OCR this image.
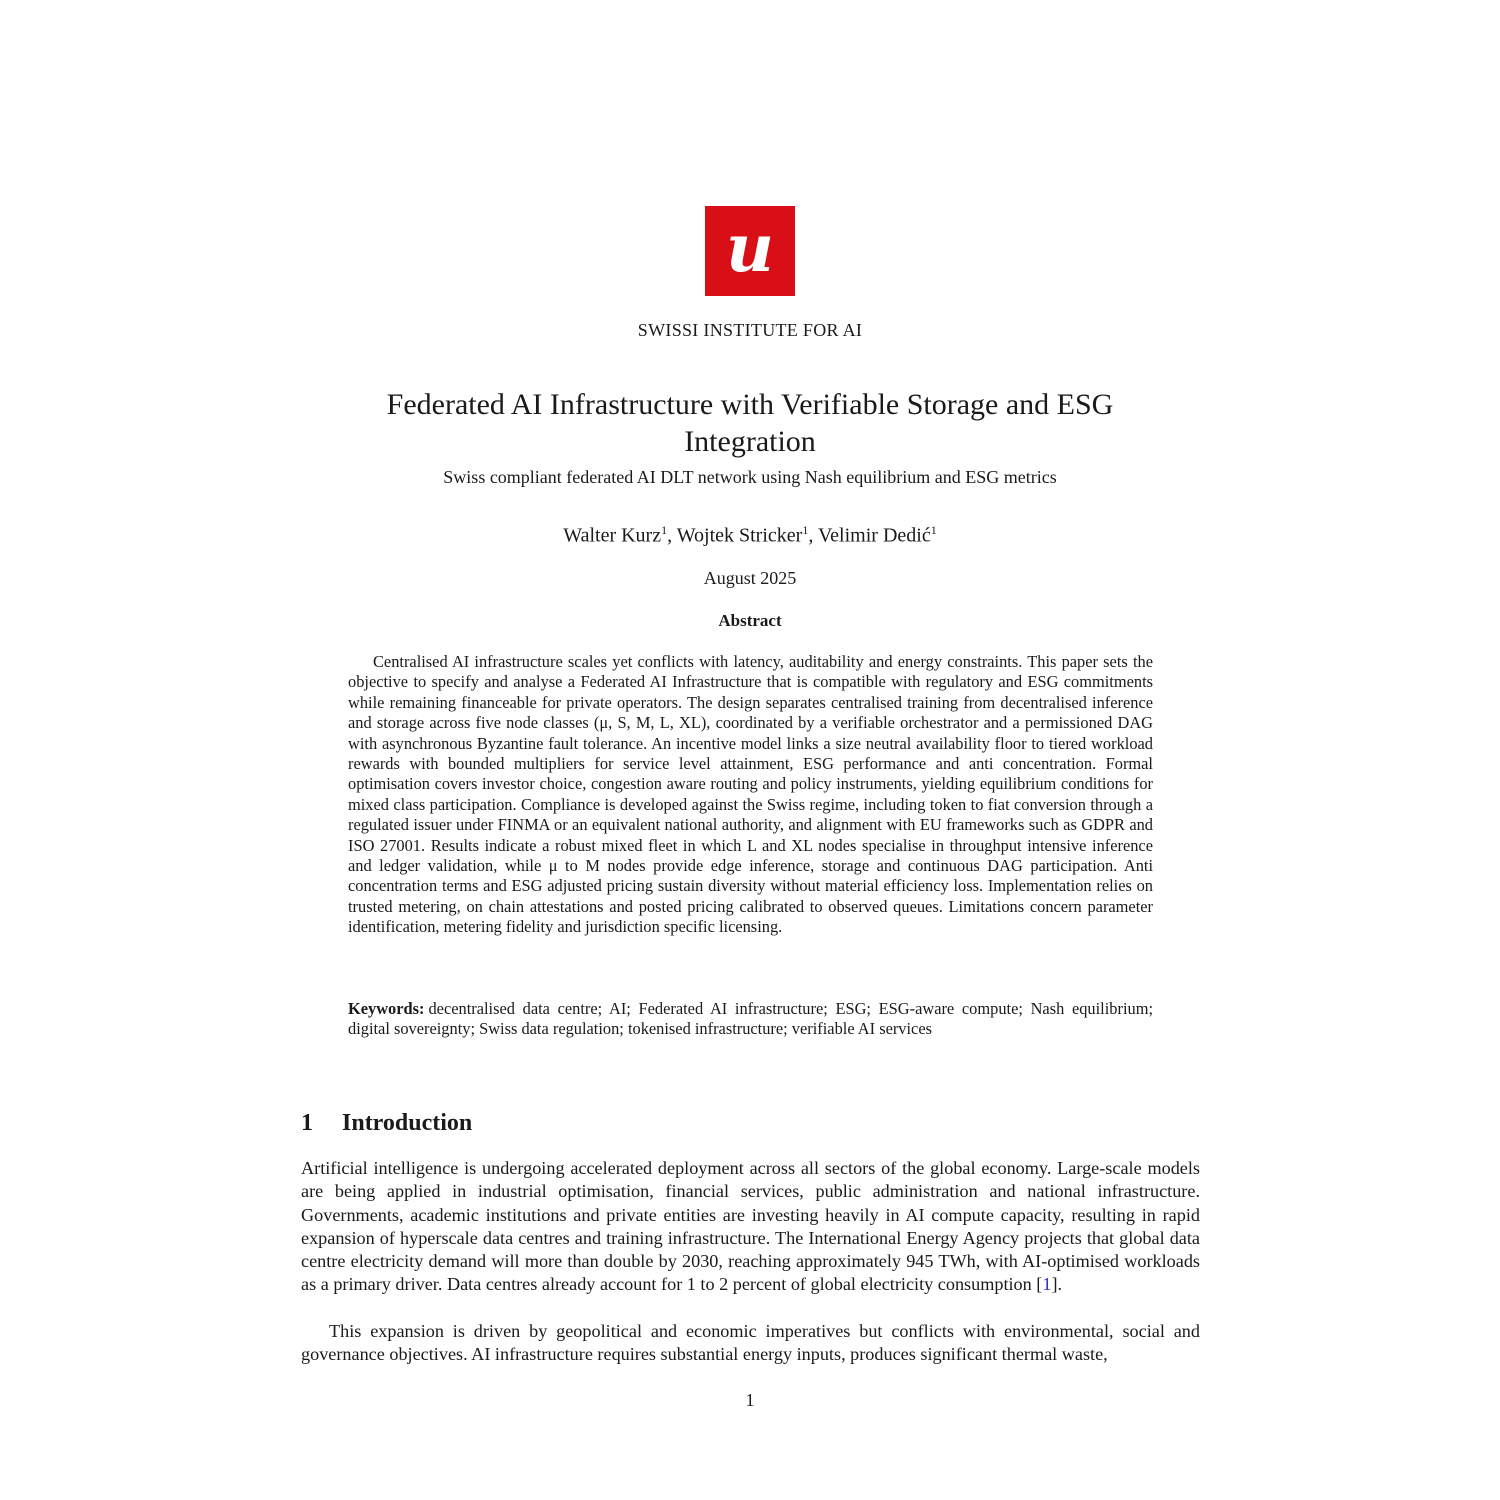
u
SWISSI INSTITUTE FOR AI
Federated AI Infrastructure with Verifiable Storage and ESG Integration
Swiss compliant federated AI DLT network using Nash equilibrium and ESG metrics
Walter Kurz$^1$, Wojtek Stricker$^1$, Velimir Dedić$^1$
August 2025
Abstract

Centralised AI infrastructure scales yet conflicts with latency, auditability and energy constraints. This paper sets the objective to specify and analyse a Federated AI Infrastructure that is compatible with regulatory and ESG commitments while remaining financeable for private operators. The design separates centralised training from decentralised inference and storage across five node classes (μ, S, M, L, XL), coordinated by a verifiable orchestrator and a permissioned DAG with asynchronous Byzantine fault tolerance. An incentive model links a size neutral availability floor to tiered workload rewards with bounded multipliers for service level attainment, ESG performance and anti concentration. Formal optimisation covers investor choice, congestion aware routing and policy instruments, yielding equilibrium conditions for mixed class participation. Compliance is developed against the Swiss regime, including token to fiat conversion through a regulated issuer under FINMA or an equivalent national authority, and alignment with EU frameworks such as GDPR and ISO 27001. Results indicate a robust mixed fleet in which L and XL nodes specialise in throughput intensive inference and ledger validation, while μ to M nodes provide edge inference, storage and continuous DAG participation. Anti concentration terms and ESG adjusted pricing sustain diversity without material efficiency loss. Implementation relies on trusted metering, on chain attestations and posted pricing calibrated to observed queues. Limitations concern parameter identification, metering fidelity and jurisdiction specific licensing.

Keywords: decentralised data centre; AI; Federated AI infrastructure; ESG; ESG-aware compute; Nash equilibrium; digital sovereignty; Swiss data regulation; tokenised infrastructure; verifiable AI services

1 Introduction

Artificial intelligence is undergoing accelerated deployment across all sectors of the global economy. Large-scale models are being applied in industrial optimisation, financial services, public administration and national infrastructure. Governments, academic institutions and private entities are investing heavily in AI compute capacity, resulting in rapid expansion of hyperscale data centres and training infrastructure. The International Energy Agency projects that global data centre electricity demand will more than double by 2030, reaching approximately 945 TWh, with AI-optimised workloads as a primary driver. Data centres already account for 1 to 2 percent of global electricity consumption [1].

This expansion is driven by geopolitical and economic imperatives but conflicts with environmental, social and governance objectives. AI infrastructure requires substantial energy inputs, produces significant thermal waste,

1
